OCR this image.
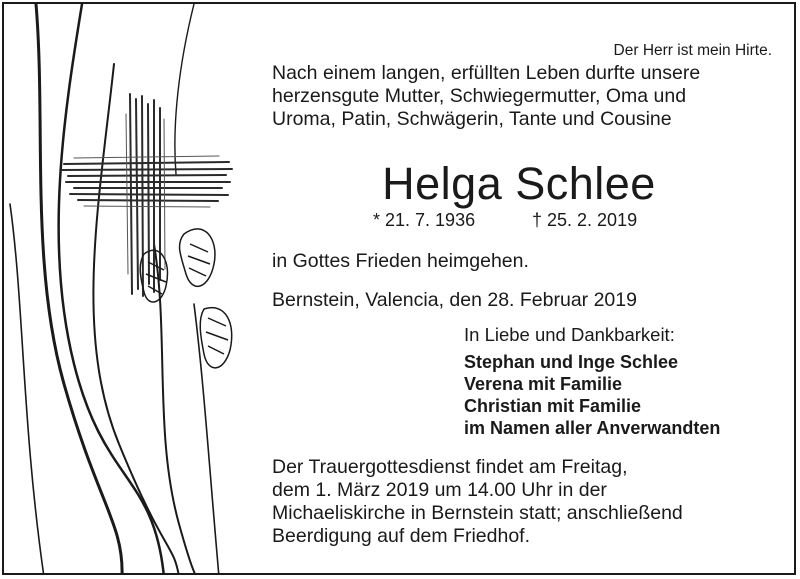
Der Herr ist mein Hirte.

Nach einem langen, erfüllten Leben durfte unsere
herzensgute Mutter, Schwiegermutter, Oma und
Uroma, Patin, Schwägerin, Tante und Cousine

Helga Schlee
* 21. 7. 1936	† 25. 2. 2019
in Gottes Frieden heimgehen.
Bernstein, Valencia, den 28. Februar 2019
In Liebe und Dankbarkeit:
Stephan und Inge Schlee
Verena mit Familie
Christian mit Familie
im Namen aller Anverwandten

Der Trauergottesdienst findet am Freitag,
dem 1. März 2019 um 14.00 Uhr in der
Michaeliskirche in Bernstein statt; anschließend
Beerdigung auf dem Friedhof.
